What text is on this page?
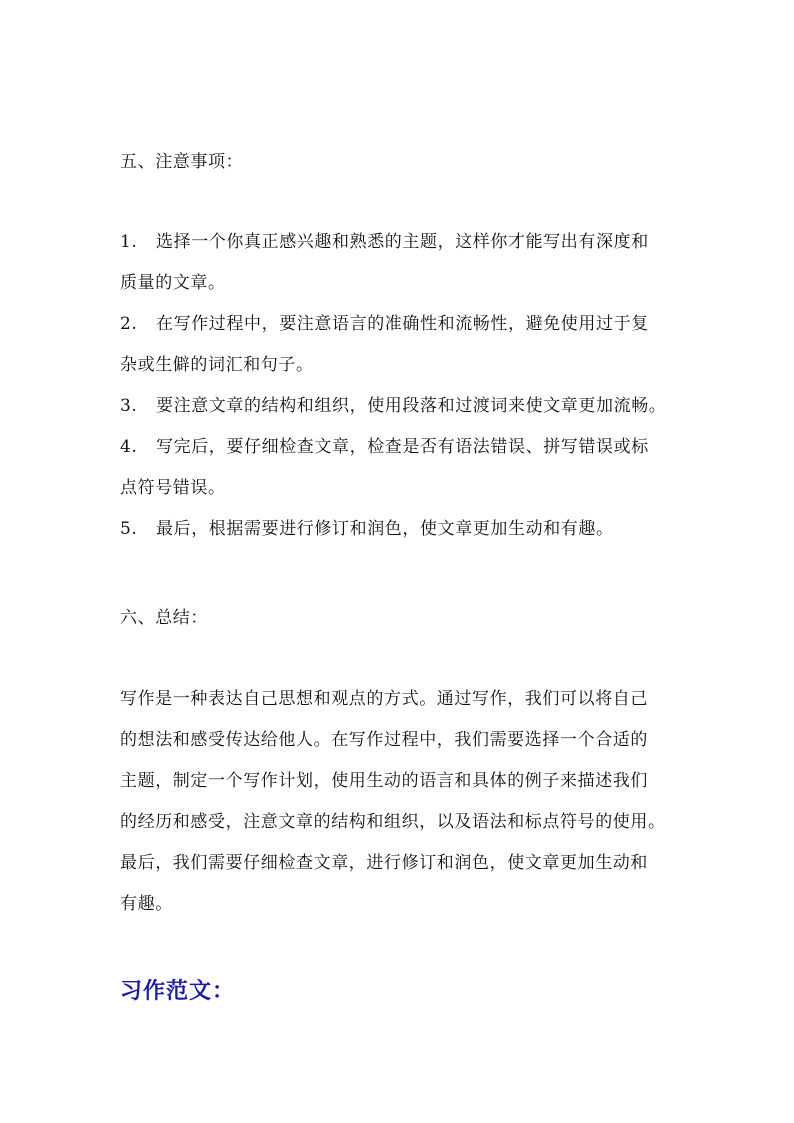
五、注意事项：
1. 选择一个你真正感兴趣和熟悉的主题，这样你才能写出有深度和
质量的文章。
2. 在写作过程中，要注意语言的准确性和流畅性，避免使用过于复
杂或生僻的词汇和句子。
3. 要注意文章的结构和组织，使用段落和过渡词来使文章更加流畅。
4. 写完后，要仔细检查文章，检查是否有语法错误、拼写错误或标
点符号错误。
5. 最后，根据需要进行修订和润色，使文章更加生动和有趣。
六、总结：
写作是一种表达自己思想和观点的方式。通过写作，我们可以将自己
的想法和感受传达给他人。在写作过程中，我们需要选择一个合适的
主题，制定一个写作计划，使用生动的语言和具体的例子来描述我们
的经历和感受，注意文章的结构和组织，以及语法和标点符号的使用。
最后，我们需要仔细检查文章，进行修订和润色，使文章更加生动和
有趣。
习作范文：
